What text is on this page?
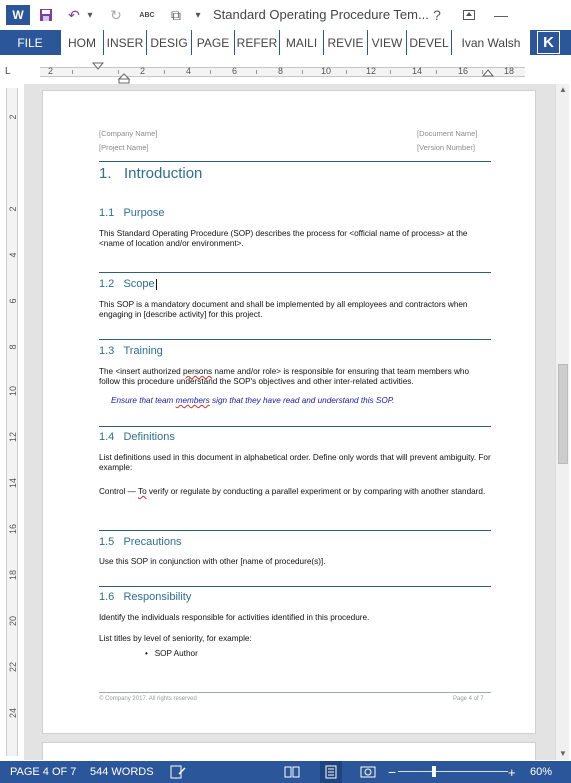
W	↶ ▾ ↻	ABC	⧉	▾ Standard Operating Procedure Tem... ?	—
FILE	HOM INSER DESIG PAGE REFER MAILI REVIE VIEW DEVEL	Ivan Walsh	K
L	2	2	4	6	8	10	12	14	16	18
2
2
4
6
8
10
12
14
16
18
20
22
24
[Company Name]
[Project Name]
[Document Name]
[Version Number]
1.   Introduction
1.1 Purpose
This Standard Operating Procedure (SOP) describes the process for <official name of process> at the <name of location and/or environment>.
1.2 Scope
This SOP is a mandatory document and shall be implemented by all employees and contractors when engaging in [describe activity] for this project.
1.3 Training
The <insert authorized persons name and/or role> is responsible for ensuring that team members who follow this procedure understand the SOP's objectives and other inter-related activities.
Ensure that team members sign that they have read and understand this SOP.
1.4 Definitions
List definitions used in this document in alphabetical order. Define only words that will prevent ambiguity. For example:
Control — To verify or regulate by conducting a parallel experiment or by comparing with another standard.
1.5 Precautions
Use this SOP in conjunction with other [name of procedure(s)].
1.6 Responsibility
Identify the individuals responsible for activities identified in this procedure.
List titles by level of seniority, for example:
•   SOP Author
© Company 2017. All rights reserved	Page 4 of 7
▲
▼
PAGE 4 OF 7 544 WORDS	−	+ 60%
